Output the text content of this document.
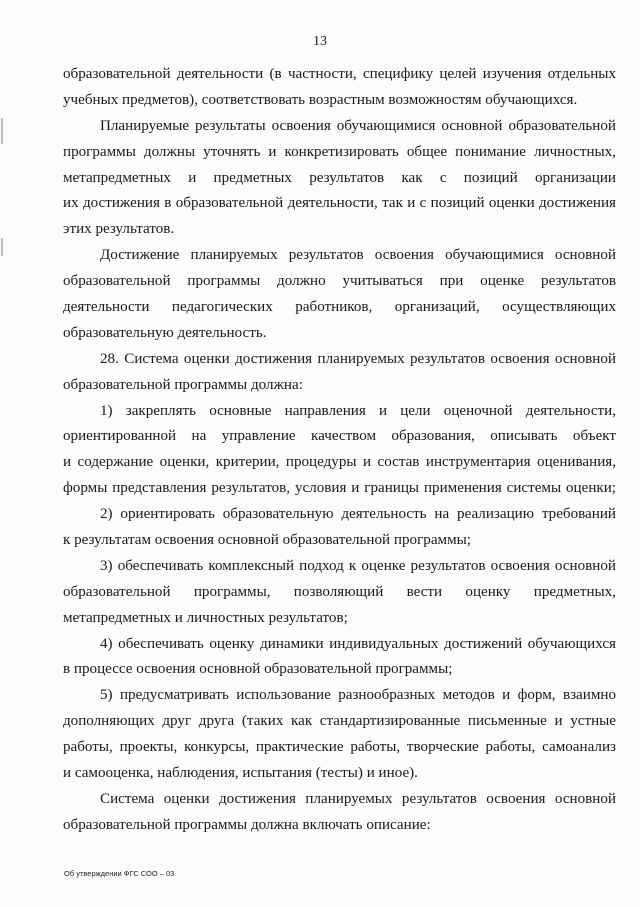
13
образовательной деятельности (в частности, специфику целей изучения отдельных
учебных предметов), соответствовать возрастным возможностям обучающихся.
Планируемые результаты освоения обучающимися основной образовательной
программы должны уточнять и конкретизировать общее понимание личностных,
метапредметных и предметных результатов как с позиций организации
их достижения в образовательной деятельности, так и с позиций оценки достижения
этих результатов.
Достижение планируемых результатов освоения обучающимися основной
образовательной программы должно учитываться при оценке результатов
деятельности педагогических работников, организаций, осуществляющих
образовательную деятельность.
28. Система оценки достижения планируемых результатов освоения основной
образовательной программы должна:
1) закреплять основные направления и цели оценочной деятельности,
ориентированной на управление качеством образования, описывать объект
и содержание оценки, критерии, процедуры и состав инструментария оценивания,
формы представления результатов, условия и границы применения системы оценки;
2) ориентировать образовательную деятельность на реализацию требований
к результатам освоения основной образовательной программы;
3) обеспечивать комплексный подход к оценке результатов освоения основной
образовательной программы, позволяющий вести оценку предметных,
метапредметных и личностных результатов;
4) обеспечивать оценку динамики индивидуальных достижений обучающихся
в процессе освоения основной образовательной программы;
5) предусматривать использование разнообразных методов и форм, взаимно
дополняющих друг друга (таких как стандартизированные письменные и устные
работы, проекты, конкурсы, практические работы, творческие работы, самоанализ
и самооценка, наблюдения, испытания (тесты) и иное).
Система оценки достижения планируемых результатов освоения основной
образовательной программы должна включать описание:
Об утверждении ФГС СОО – 03
